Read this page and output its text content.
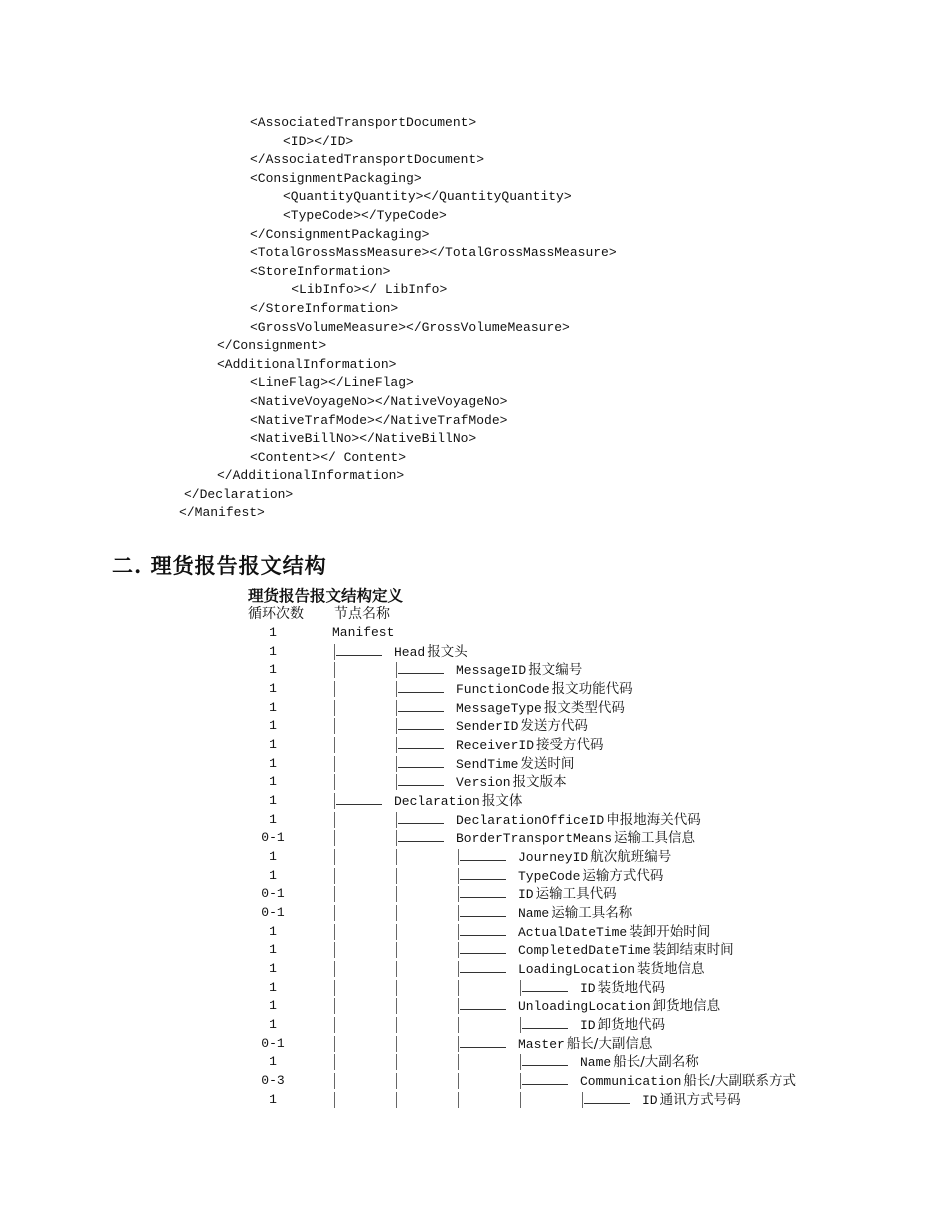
<AssociatedTransportDocument>
<ID></ID>
</AssociatedTransportDocument>
<ConsignmentPackaging>
<QuantityQuantity></QuantityQuantity>
<TypeCode></TypeCode>
</ConsignmentPackaging>
<TotalGrossMassMeasure></TotalGrossMassMeasure>
<StoreInformation>
<LibInfo></ LibInfo>
</StoreInformation>
<GrossVolumeMeasure></GrossVolumeMeasure>
</Consignment>
<AdditionalInformation>
<LineFlag></LineFlag>
<NativeVoyageNo></NativeVoyageNo>
<NativeTrafMode></NativeTrafMode>
<NativeBillNo></NativeBillNo>
<Content></ Content>
</AdditionalInformation>
</Declaration>
</Manifest>
二. 理货报告报文结构
理货报告报文结构定义
循环次数 节点名称
1	Manifest
1	Head 报文头
1	MessageID 报文编号
1	FunctionCode 报文功能代码
1	MessageType 报文类型代码
1	SenderID 发送方代码
1	ReceiverID 接受方代码
1	SendTime 发送时间
1	Version 报文版本
1	Declaration 报文体
1	DeclarationOfficeID 申报地海关代码
0-1	BorderTransportMeans 运输工具信息
1	JourneyID 航次航班编号
1	TypeCode 运输方式代码
0-1	ID 运输工具代码
0-1	Name 运输工具名称
1	ActualDateTime 装卸开始时间
1	CompletedDateTime 装卸结束时间
1	LoadingLocation 装货地信息
1	ID 装货地代码
1	UnloadingLocation 卸货地信息
1	ID 卸货地代码
0-1	Master 船长/大副信息
1	Name 船长/大副名称
0-3	Communication 船长/大副联系方式
1	ID 通讯方式号码
